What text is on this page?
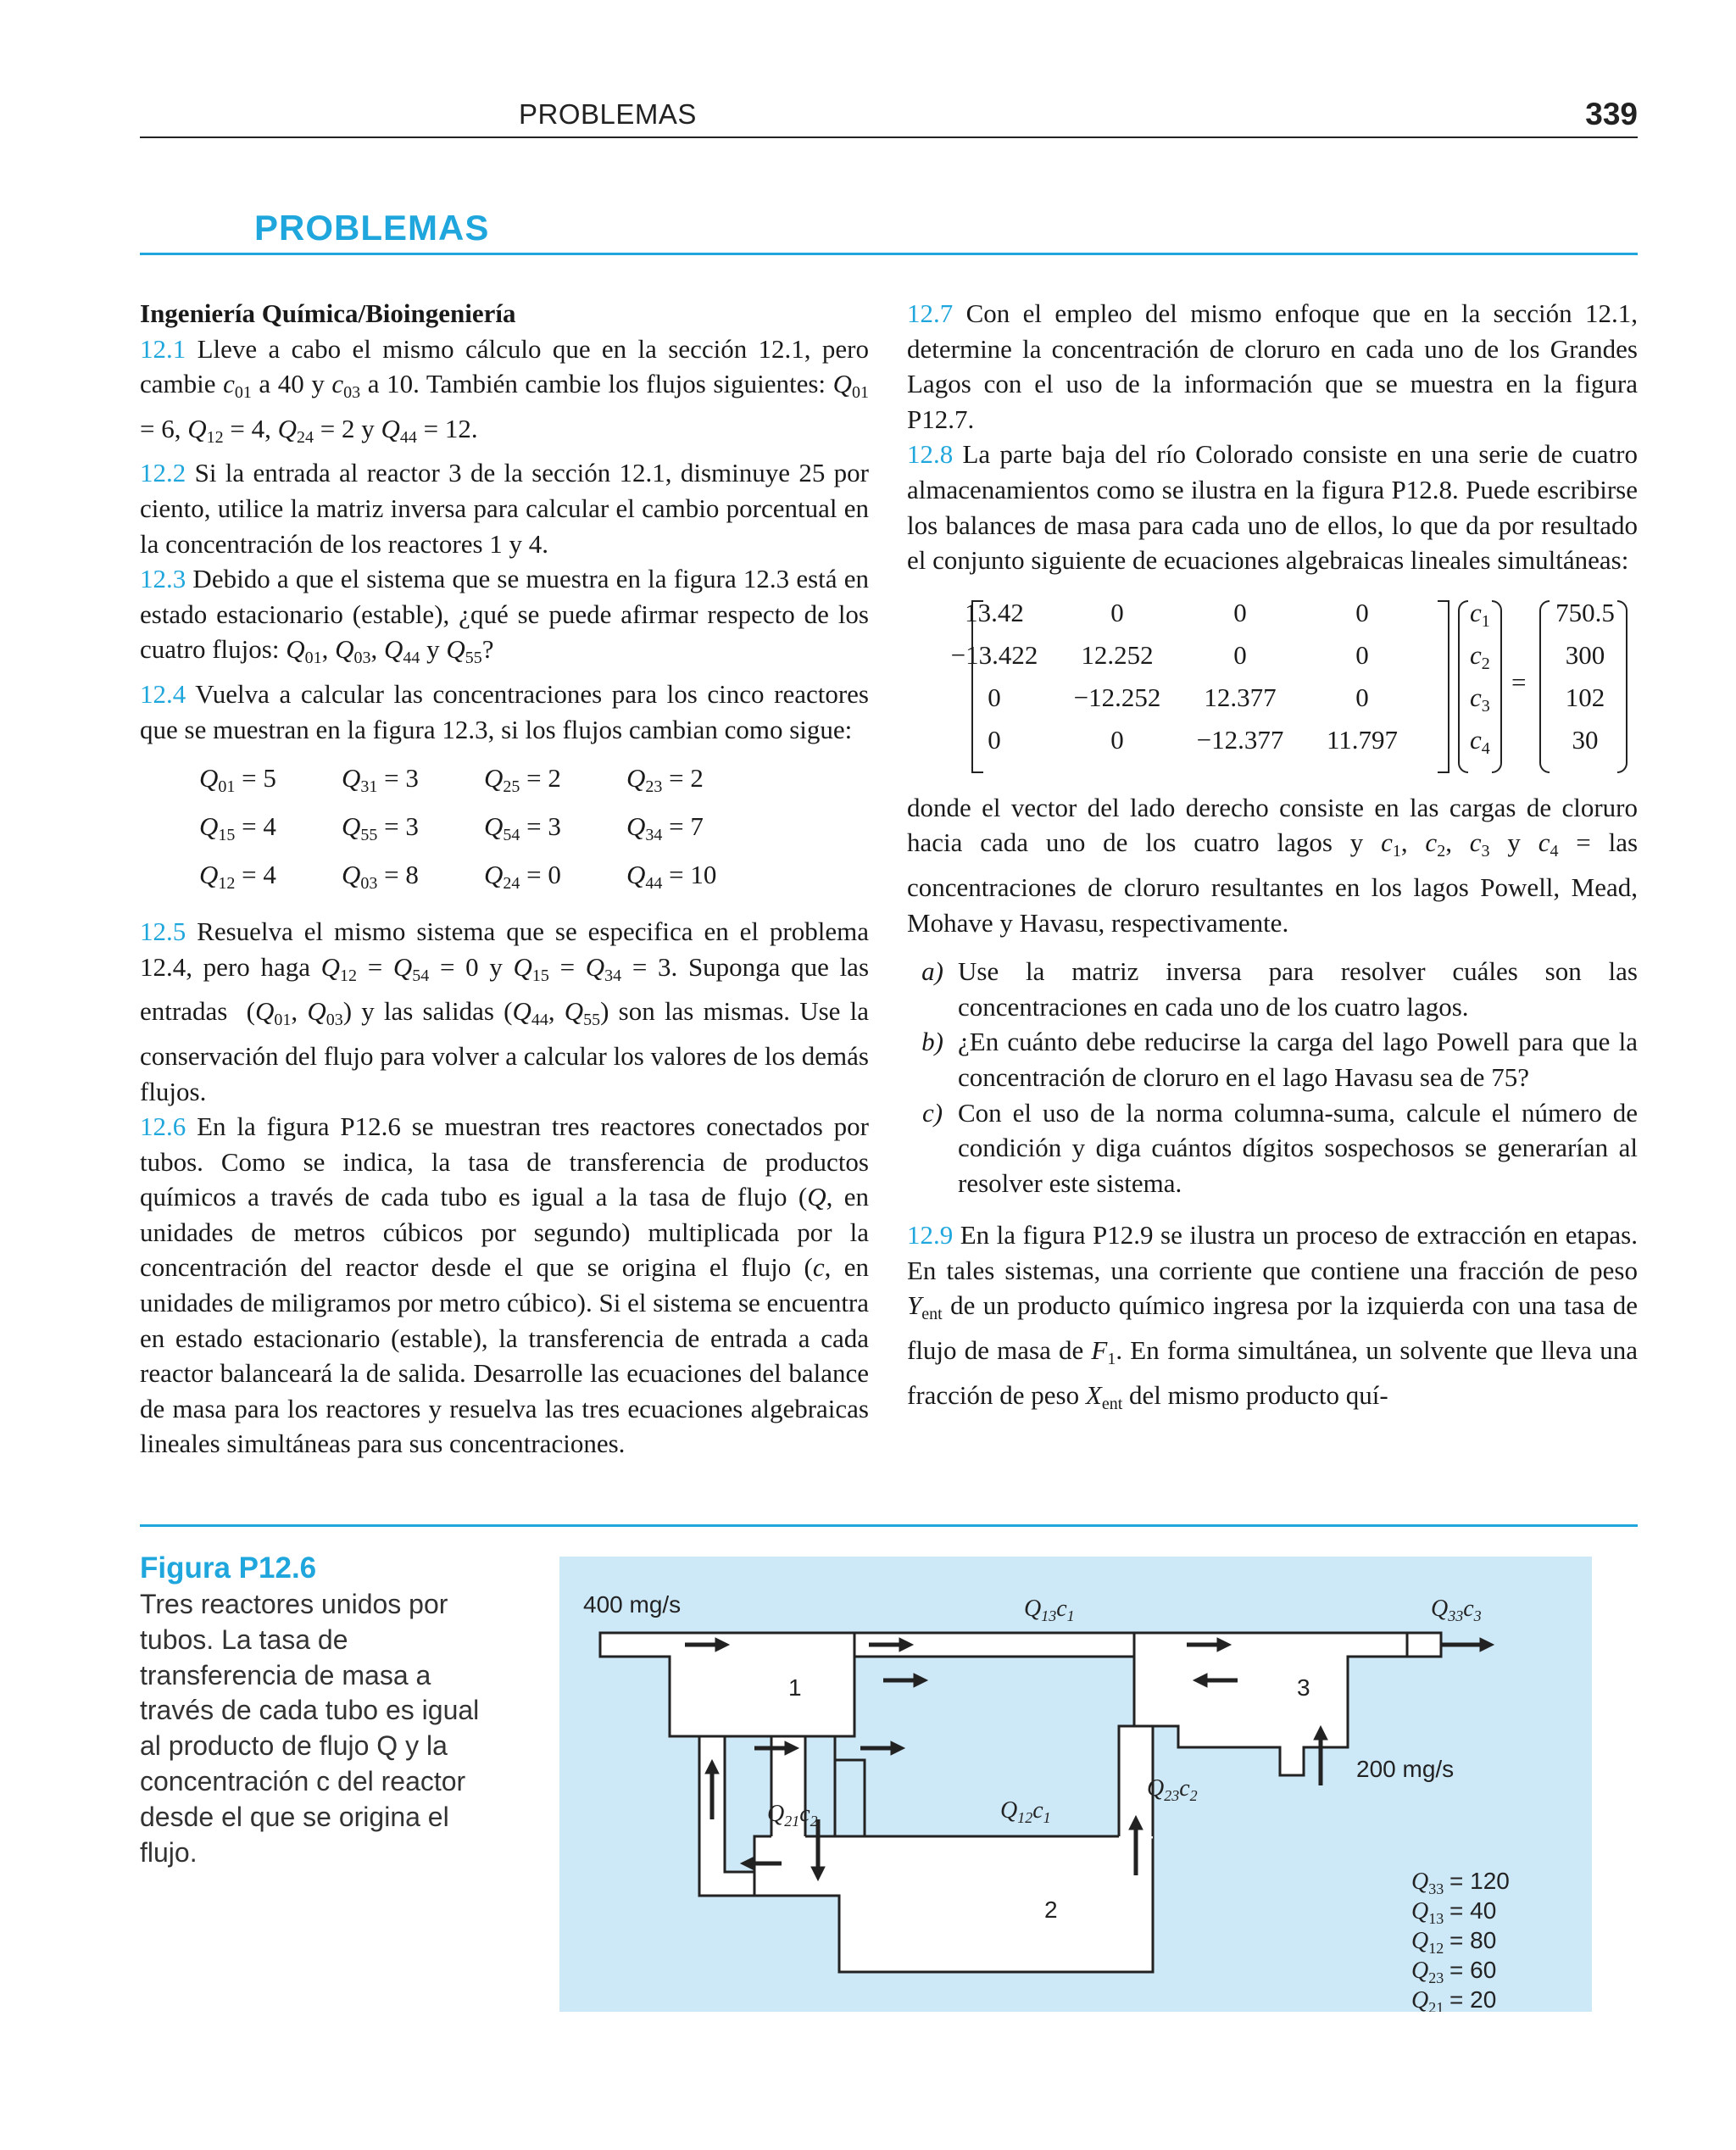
PROBLEMAS	339
PROBLEMAS

Ingeniería Química/Bioingeniería

12.1 Lleve a cabo el mismo cálculo que en la sección 12.1, pero cambie $c_{01}$ a 40 y $c_{03}$ a 10. También cambie los flujos siguientes: $Q_{01} = 6$, $Q_{12} = 4$, $Q_{24} = 2$ y $Q_{44} = 12$.

12.2 Si la entrada al reactor 3 de la sección 12.1, disminuye 25 por ciento, utilice la matriz inversa para calcular el cambio porcentual en la concentración de los reactores 1 y 4.

12.3 Debido a que el sistema que se muestra en la figura 12.3 está en estado estacionario (estable), ¿qué se puede afirmar respecto de los cuatro flujos: $Q_{01}$, $Q_{03}$, $Q_{44}$ y $Q_{55}$?

12.4 Vuelva a calcular las concentraciones para los cinco reactores que se muestran en la figura 12.3, si los flujos cambian como sigue:

$Q_{01} = 5$	$Q_{31} = 3$	$Q_{25} = 2$	$Q_{23} = 2$
$Q_{15} = 4$	$Q_{55} = 3$	$Q_{54} = 3$	$Q_{34} = 7$
$Q_{12} = 4$	$Q_{03} = 8$	$Q_{24} = 0$	$Q_{44} = 10$

12.5 Resuelva el mismo sistema que se especifica en el problema 12.4, pero haga $Q_{12} = Q_{54} = 0$ y $Q_{15} = Q_{34} = 3$. Suponga que las entradas  ($Q_{01}$, $Q_{03}$) y las salidas ($Q_{44}$, $Q_{55}$) son las mismas. Use la conservación del flujo para volver a calcular los valores de los demás flujos.

12.6 En la figura P12.6 se muestran tres reactores conectados por tubos. Como se indica, la tasa de transferencia de productos químicos a través de cada tubo es igual a la tasa de flujo (Q, en unidades de metros cúbicos por segundo) multiplicada por la concentración del reactor desde el que se origina el flujo (c, en unidades de miligramos por metro cúbico). Si el sistema se encuentra en estado estacionario (estable), la transferencia de entrada a cada reactor balanceará la de salida. Desarrolle las ecuaciones del balance de masa para los reactores y resuelva las tres ecuaciones algebraicas lineales simultáneas para sus concentraciones.

12.7 Con el empleo del mismo enfoque que en la sección 12.1, determine la concentración de cloruro en cada uno de los Grandes Lagos con el uso de la información que se muestra en la figura P12.7.

12.8 La parte baja del río Colorado consiste en una serie de cuatro almacenamientos como se ilustra en la figura P12.8. Puede escribirse los balances de masa para cada uno de ellos, lo que da por resultado el conjunto siguiente de ecuaciones algebraicas lineales simultáneas:

=
13.42	0	0	0
−13.422	12.252	0	0
0	−12.252	12.377	0
0	0	−12.377	11.797
$c_1$
$c_2$
$c_3$
$c_4$
750.5
300
102
30

donde el vector del lado derecho consiste en las cargas de cloruro hacia cada uno de los cuatro lagos y $c_1$, $c_2$, $c_3$ y $c_4$ = las concentraciones de cloruro resultantes en los lagos Powell, Mead, Mohave y Havasu, respectivamente.

a) Use la matriz inversa para resolver cuáles son las concentraciones en cada uno de los cuatro lagos.
b) ¿En cuánto debe reducirse la carga del lago Powell para que la concentración de cloruro en el lago Havasu sea de 75?
c) Con el uso de la norma columna-suma, calcule el número de condición y diga cuántos dígitos sospechosos se generarían al resolver este sistema.

12.9 En la figura P12.9 se ilustra un proceso de extracción en etapas. En tales sistemas, una corriente que contiene una fracción de peso $Y_{ent}$ de un producto químico ingresa por la izquierda con una tasa de flujo de masa de $F_1$. En forma simultánea, un solvente que lleva una fracción de peso $X_{ent}$ del mismo producto quí-

Figura P12.6
Tres reactores unidos por tubos. La tasa de transferencia de masa a través de cada tubo es igual al producto de flujo Q y la concentración c del reactor desde el que se origina el flujo.
400 mg/s
200 mg/s
1
2
3
$Q_{13}c_1$	$Q_{33}c_3$
$Q_{21}c_2$	$Q_{12}c_1$
$Q_{23}c_2$
$Q_{33} = 120$
$Q_{13} = 40$
$Q_{12} = 80$
$Q_{23} = 60$
$Q_{21} = 20$
